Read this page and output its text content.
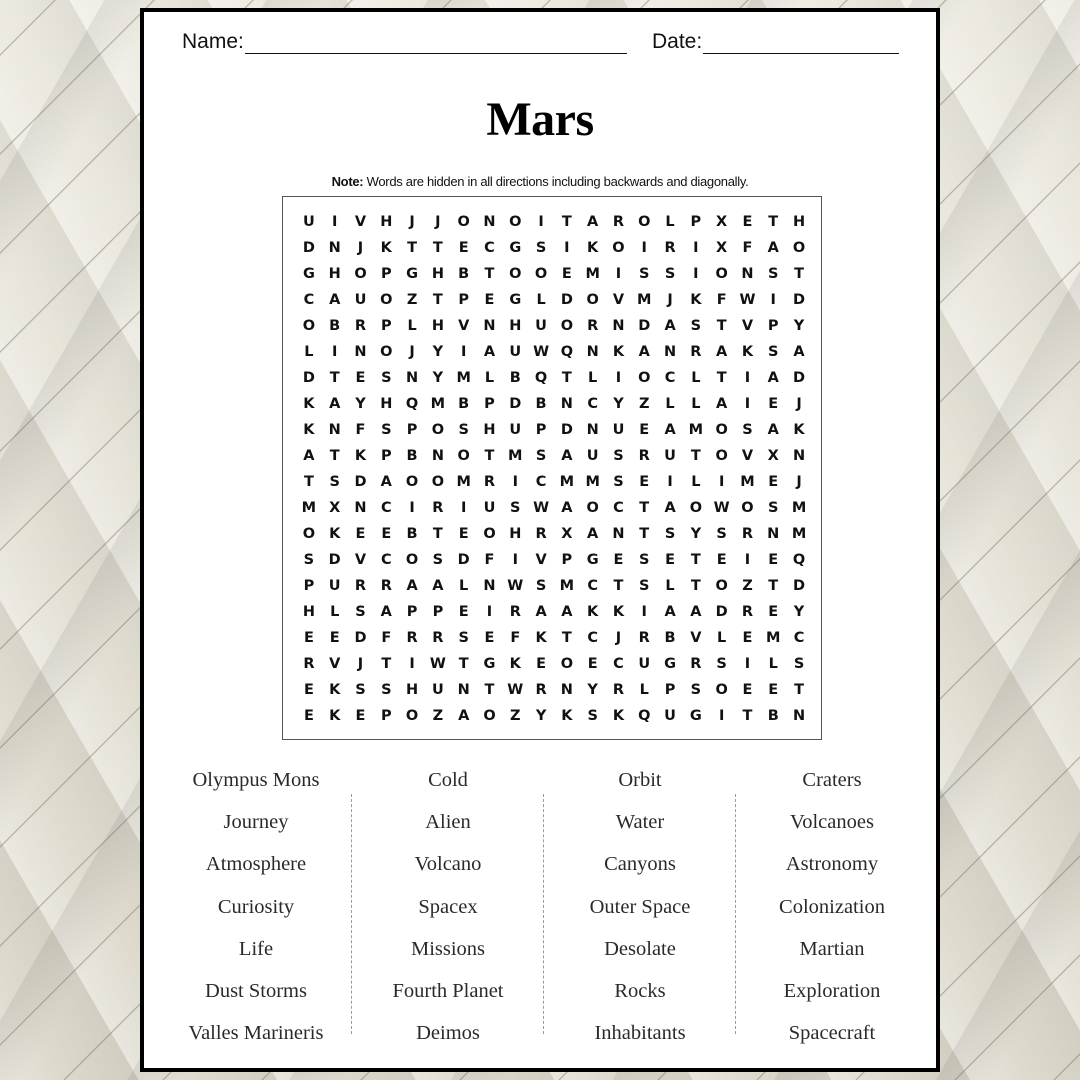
Name:	Date:
Mars
Note: Words are hidden in all directions including backwards and diagonally.
U	I	V H	J	J	O N O	I	T	A	R O	L	P	X	E	T	H
D N	J	K	T	T	E	C	G	S	I	K O	I	R	I	X	F	A O
G H O P	G H B	T	O O	E M	I	S	S	I	O N	S	T
C	A U O Z	T	P	E	G	L	D O V M	J	K	F W	I	D
O B	R	P	L	H V N H U O R N D A	S	T	V	P	Y
L	I	N O	J	Y	I	A U W Q N K	A N R	A	K	S	A
D	T	E	S	N Y M L	B Q	T	L	I	O C	L	T	I	A D
K	A	Y H Q M B	P D B N C	Y	Z	L	L	A	I	E	J
K N	F	S	P O S	H U	P D N U	E	A M O S	A	K
A	T	K	P	B N O	T M S	A U	S	R U	T	O V	X N
T	S	D A O O M R	I	C M M S	E	I	L	I	M E	J
M X N C	I	R	I	U	S W A O C	T	A O W O S M
O K	E	E	B	T	E	O H R	X	A N	T	S	Y	S	R N M
S	D V	C O S	D	F	I	V	P	G	E	S	E	T	E	I	E	Q
P	U R	R	A	A	L	N W S M C	T	S	L	T	O Z	T	D
H	L	S	A	P	P	E	I	R	A	A	K	K	I	A	A D R	E	Y
E	E	D	F	R	R	S	E	F	K	T	C	J	R	B	V	L	E M C
R	V	J	T	I	W T	G K	E	O	E	C	U G R	S	I	L	S
E	K	S	S	H U N	T W R N Y	R	L	P	S O	E	E	T
E	K	E	P O Z	A O Z	Y	K	S	K Q U G	I	T	B N
Olympus Mons
Journey
Atmosphere
Curiosity
Life
Dust Storms
Valles Marineris
Cold
Alien
Volcano
Spacex
Missions
Fourth Planet
Deimos
Orbit
Water
Canyons
Outer Space
Desolate
Rocks
Inhabitants
Craters
Volcanoes
Astronomy
Colonization
Martian
Exploration
Spacecraft
